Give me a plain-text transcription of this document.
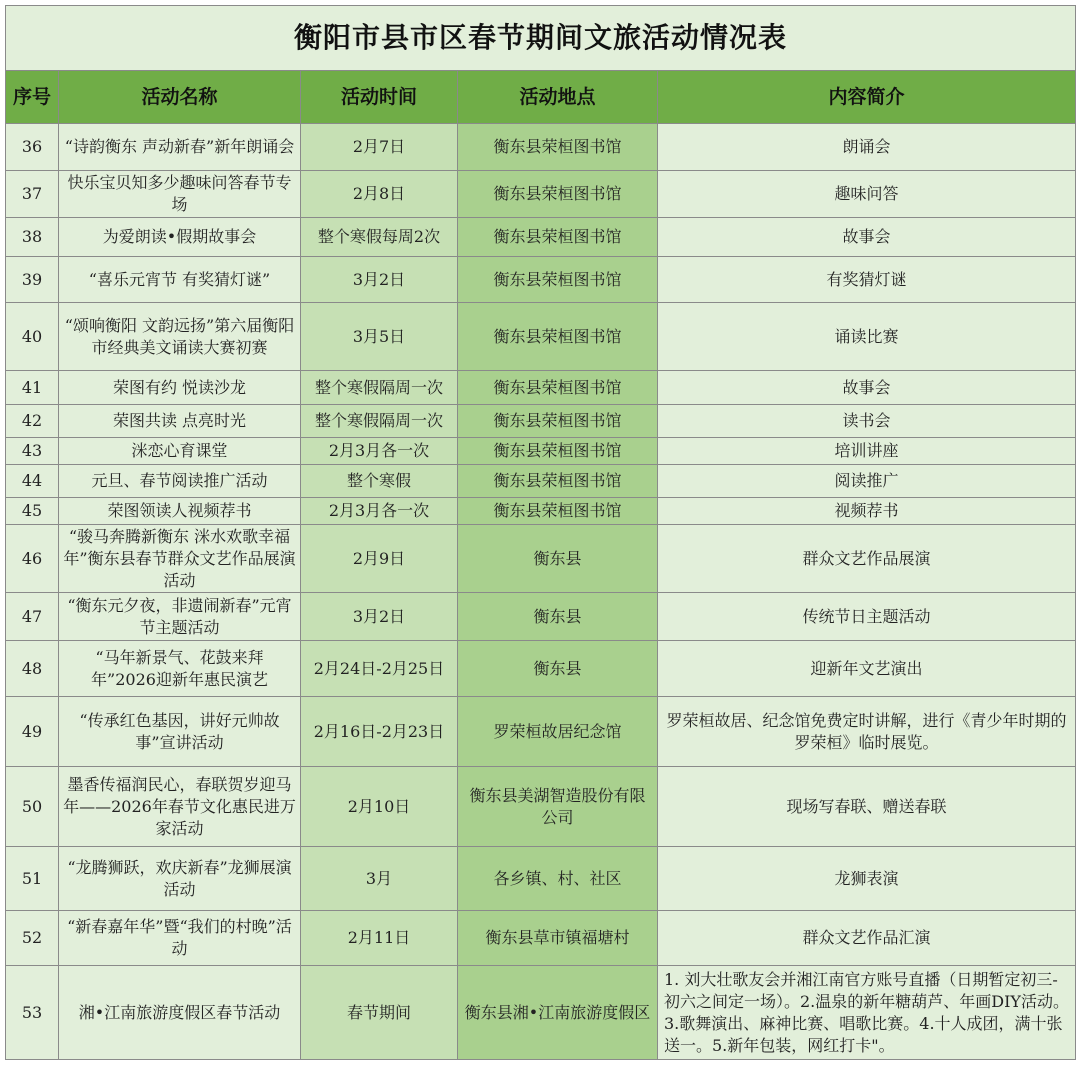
衡阳市县市区春节期间文旅活动情况表				
序号	活动名称	活动时间	活动地点	内容简介
36	“诗韵衡东 声动新春”新年朗诵会	2月7日	衡东县荣桓图书馆	朗诵会
37	快乐宝贝知多少趣味问答春节专场	2月8日	衡东县荣桓图书馆	趣味问答
38	为爱朗读•假期故事会	整个寒假每周2次	衡东县荣桓图书馆	故事会
39	“喜乐元宵节 有奖猜灯谜”	3月2日	衡东县荣桓图书馆	有奖猜灯谜
40	“颂响衡阳 文韵远扬”第六届衡阳市经典美文诵读大赛初赛	3月5日	衡东县荣桓图书馆	诵读比赛
41	荣图有约 悦读沙龙	整个寒假隔周一次	衡东县荣桓图书馆	故事会
42	荣图共读 点亮时光	整个寒假隔周一次	衡东县荣桓图书馆	读书会
43	洣恋心育课堂	2月3月各一次	衡东县荣桓图书馆	培训讲座
44	元旦、春节阅读推广活动	整个寒假	衡东县荣桓图书馆	阅读推广
45	荣图领读人视频荐书	2月3月各一次	衡东县荣桓图书馆	视频荐书
46	“骏马奔腾新衡东 洣水欢歌幸福年”衡东县春节群众文艺作品展演活动	2月9日	衡东县	群众文艺作品展演
47	“衡东元夕夜，非遗闹新春”元宵节主题活动	3月2日	衡东县	传统节日主题活动
48	“马年新景气、花鼓来拜年”2026迎新年惠民演艺	2月24日-2月25日	衡东县	迎新年文艺演出
49	“传承红色基因，讲好元帅故事”宣讲活动	2月16日-2月23日	罗荣桓故居纪念馆	罗荣桓故居、纪念馆免费定时讲解，进行《青少年时期的罗荣桓》临时展览。
50	墨香传福润民心，春联贺岁迎马年——2026年春节文化惠民进万家活动	2月10日	衡东县美湖智造股份有限公司	现场写春联、赠送春联
51	“龙腾狮跃，欢庆新春”龙狮展演活动	3月	各乡镇、村、社区	龙狮表演
52	“新春嘉年华”暨“我们的村晚”活动	2月11日	衡东县草市镇福塘村	群众文艺作品汇演
53	湘•江南旅游度假区春节活动	春节期间	衡东县湘•江南旅游度假区	1. 刘大壮歌友会并湘江南官方账号直播（日期暂定初三-初六之间定一场）。2.温泉的新年糖葫芦、年画DIY活动。3.歌舞演出、麻神比赛、唱歌比赛。4.十人成团，满十张送一。5.新年包装，网红打卡"。
